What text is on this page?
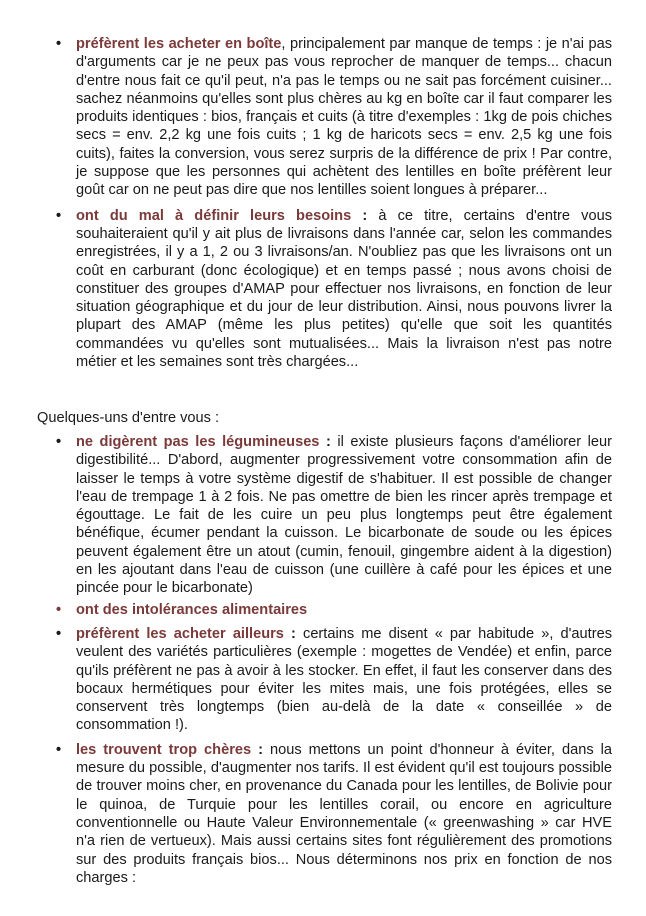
•	préfèrent les acheter en boîte, principalement par manque de temps : je n'ai pas d'arguments car je ne peux pas vous reprocher de manquer de temps... chacun d'entre nous fait ce qu'il peut, n'a pas le temps ou ne sait pas forcément cuisiner... sachez néanmoins qu'elles sont plus chères au kg en boîte car il faut comparer les produits identiques : bios, français et cuits (à titre d'exemples : 1kg de pois chiches secs = env. 2,2 kg une fois cuits ; 1 kg de haricots secs = env. 2,5 kg une fois cuits), faites la conversion, vous serez surpris de la différence de prix ! Par contre, je suppose que les personnes qui achètent des lentilles en boîte préfèrent leur goût car on ne peut pas dire que nos lentilles soient longues à préparer...
•	ont du mal à définir leurs besoins : à ce titre, certains d'entre vous souhaiteraient qu'il y ait plus de livraisons dans l'année car, selon les commandes enregistrées, il y a 1, 2 ou 3 livraisons/an. N'oubliez pas que les livraisons ont un coût en carburant (donc écologique) et en temps passé ; nous avons choisi de constituer des groupes d'AMAP pour effectuer nos livraisons, en fonction de leur situation géographique et du jour de leur distribution. Ainsi, nous pouvons livrer la plupart des AMAP (même les plus petites) qu'elle que soit les quantités commandées vu qu'elles sont mutualisées... Mais la livraison n'est pas notre métier et les semaines sont très chargées...
Quelques-uns d'entre vous :
•	ne digèrent pas les légumineuses : il existe plusieurs façons d'améliorer leur digestibilité... D'abord, augmenter progressivement votre consommation afin de laisser le temps à votre système digestif de s'habituer. Il est possible de changer l'eau de trempage 1 à 2 fois. Ne pas omettre de bien les rincer après trempage et égouttage. Le fait de les cuire un peu plus longtemps peut être également bénéfique, écumer pendant la cuisson. Le bicarbonate de soude ou les épices peuvent également être un atout (cumin, fenouil, gingembre aident à la digestion) en les ajoutant dans l'eau de cuisson (une cuillère à café pour les épices et une pincée pour le bicarbonate)
•	ont des intolérances alimentaires
•	préfèrent les acheter ailleurs : certains me disent « par habitude », d'autres veulent des variétés particulières (exemple : mogettes de Vendée) et enfin, parce qu'ils préfèrent ne pas à avoir à les stocker. En effet, il faut les conserver dans des bocaux hermétiques pour éviter les mites mais, une fois protégées, elles se conservent très longtemps (bien au-delà de la date « conseillée » de consommation !).
•	les trouvent trop chères : nous mettons un point d'honneur à éviter, dans la mesure du possible, d'augmenter nos tarifs. Il est évident qu'il est toujours possible de trouver moins cher, en provenance du Canada pour les lentilles, de Bolivie pour le quinoa, de Turquie pour les lentilles corail, ou encore en agriculture conventionnelle ou Haute Valeur Environnementale (« greenwashing » car HVE n'a rien de vertueux). Mais aussi certains sites font régulièrement des promotions sur des produits français bios... Nous déterminons nos prix en fonction de nos charges :
